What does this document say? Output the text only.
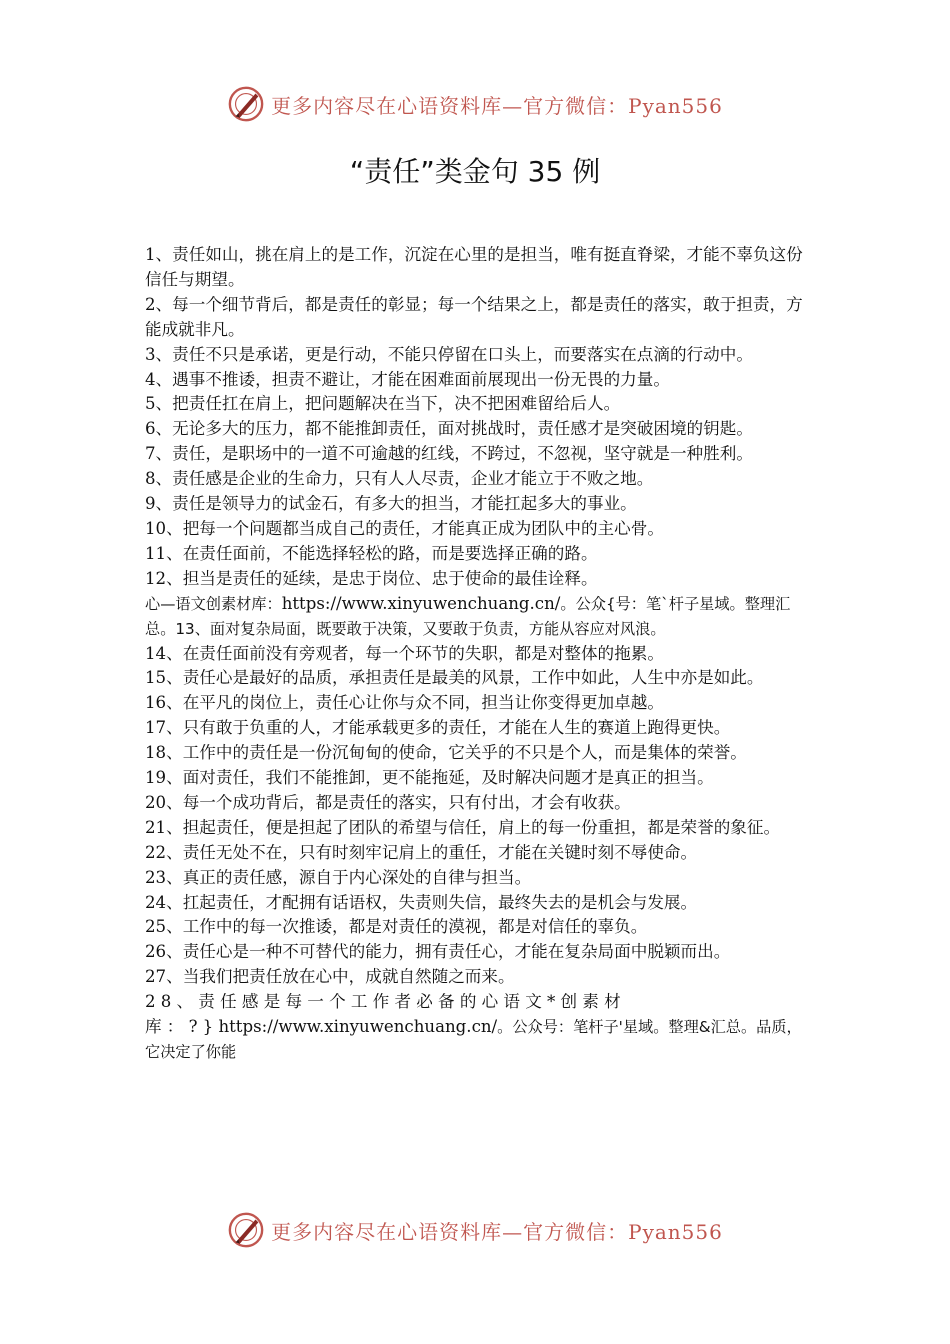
更多内容尽在心语资料库—官方微信：Pyan556
“责任”类金句 35 例

1、责任如山，挑在肩上的是工作，沉淀在心里的是担当，唯有挺直脊梁，才能不辜负这份信任与期望。

2、每一个细节背后，都是责任的彰显；每一个结果之上，都是责任的落实，敢于担责，方能成就非凡。

3、责任不只是承诺，更是行动，不能只停留在口头上，而要落实在点滴的行动中。

4、遇事不推诿，担责不避让，才能在困难面前展现出一份无畏的力量。

5、把责任扛在肩上，把问题解决在当下，决不把困难留给后人。

6、无论多大的压力，都不能推卸责任，面对挑战时，责任感才是突破困境的钥匙。

7、责任，是职场中的一道不可逾越的红线，不跨过，不忽视，坚守就是一种胜利。

8、责任感是企业的生命力，只有人人尽责，企业才能立于不败之地。

9、责任是领导力的试金石，有多大的担当，才能扛起多大的事业。

10、把每一个问题都当成自己的责任，才能真正成为团队中的主心骨。

11、在责任面前，不能选择轻松的路，而是要选择正确的路。

12、担当是责任的延续，是忠于岗位、忠于使命的最佳诠释。

心—语文创素材库：https://www.xinyuwenchuang.cn/。公众{号：笔`杆子星域。整理汇总。13、面对复杂局面，既要敢于决策，又要敢于负责，方能从容应对风浪。

14、在责任面前没有旁观者，每一个环节的失职，都是对整体的拖累。

15、责任心是最好的品质，承担责任是最美的风景，工作中如此，人生中亦是如此。

16、在平凡的岗位上，责任心让你与众不同，担当让你变得更加卓越。

17、只有敢于负重的人，才能承载更多的责任，才能在人生的赛道上跑得更快。

18、工作中的责任是一份沉甸甸的使命，它关乎的不只是个人，而是集体的荣誉。

19、面对责任，我们不能推卸，更不能拖延，及时解决问题才是真正的担当。

20、每一个成功背后，都是责任的落实，只有付出，才会有收获。

21、担起责任，便是担起了团队的希望与信任，肩上的每一份重担，都是荣誉的象征。

22、责任无处不在，只有时刻牢记肩上的重任，才能在关键时刻不辱使命。

23、真正的责任感，源自于内心深处的自律与担当。

24、扛起责任，才配拥有话语权，失责则失信，最终失去的是机会与发展。

25、工作中的每一次推诿，都是对责任的漠视，都是对信任的辜负。

26、责任心是一种不可替代的能力，拥有责任心，才能在复杂局面中脱颖而出。

27、当我们把责任放在心中，成就自然随之而来。

28、责任感是每一个工作者必备的心语文*创素材库：?}https://www.xinyuwenchuang.cn/。公众号：笔杆子'星域。整理&汇总。品质，它决定了你能

更多内容尽在心语资料库—官方微信：Pyan556
